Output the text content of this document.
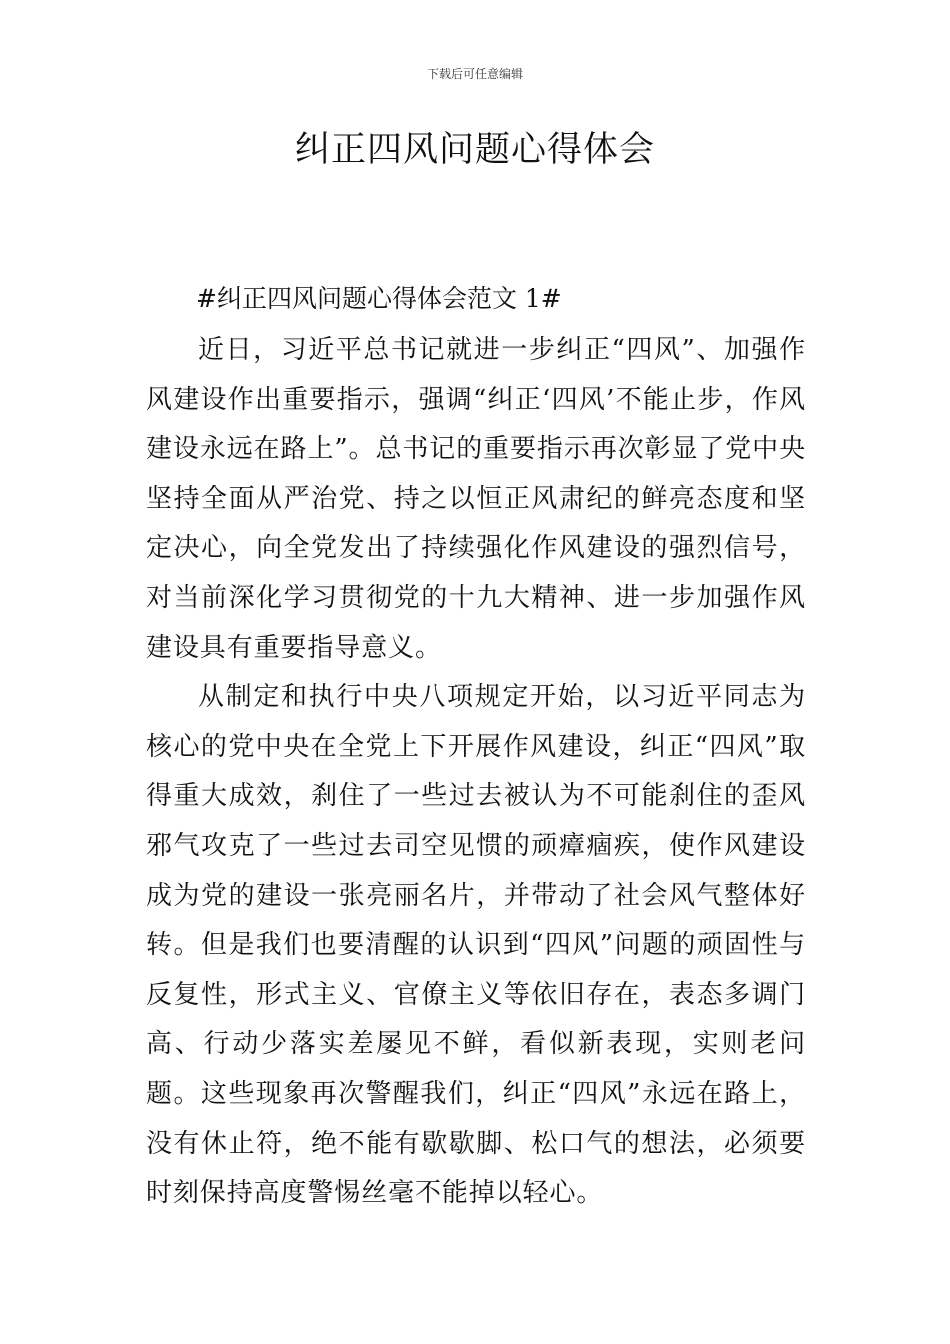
下载后可任意编辑
纠正四风问题心得体会
#纠正四风问题心得体会范文 1#

近日，习近平总书记就进一步纠正“四风”、加强作风建设作出重要指示，强调“纠正‘四风’不能止步，作风建设永远在路上”。总书记的重要指示再次彰显了党中央坚持全面从严治党、持之以恒正风肃纪的鲜亮态度和坚定决心，向全党发出了持续强化作风建设的强烈信号，对当前深化学习贯彻党的十九大精神、进一步加强作风建设具有重要指导意义。

从制定和执行中央八项规定开始，以习近平同志为核心的党中央在全党上下开展作风建设，纠正“四风”取得重大成效，刹住了一些过去被认为不可能刹住的歪风邪气攻克了一些过去司空见惯的顽瘴痼疾，使作风建设成为党的建设一张亮丽名片，并带动了社会风气整体好转。但是我们也要清醒的认识到“四风”问题的顽固性与反复性，形式主义、官僚主义等依旧存在，表态多调门高、行动少落实差屡见不鲜，看似新表现，实则老问题。这些现象再次警醒我们，纠正“四风”永远在路上，没有休止符，绝不能有歇歇脚、松口气的想法，必须要时刻保持高度警惕丝毫不能掉以轻心。
